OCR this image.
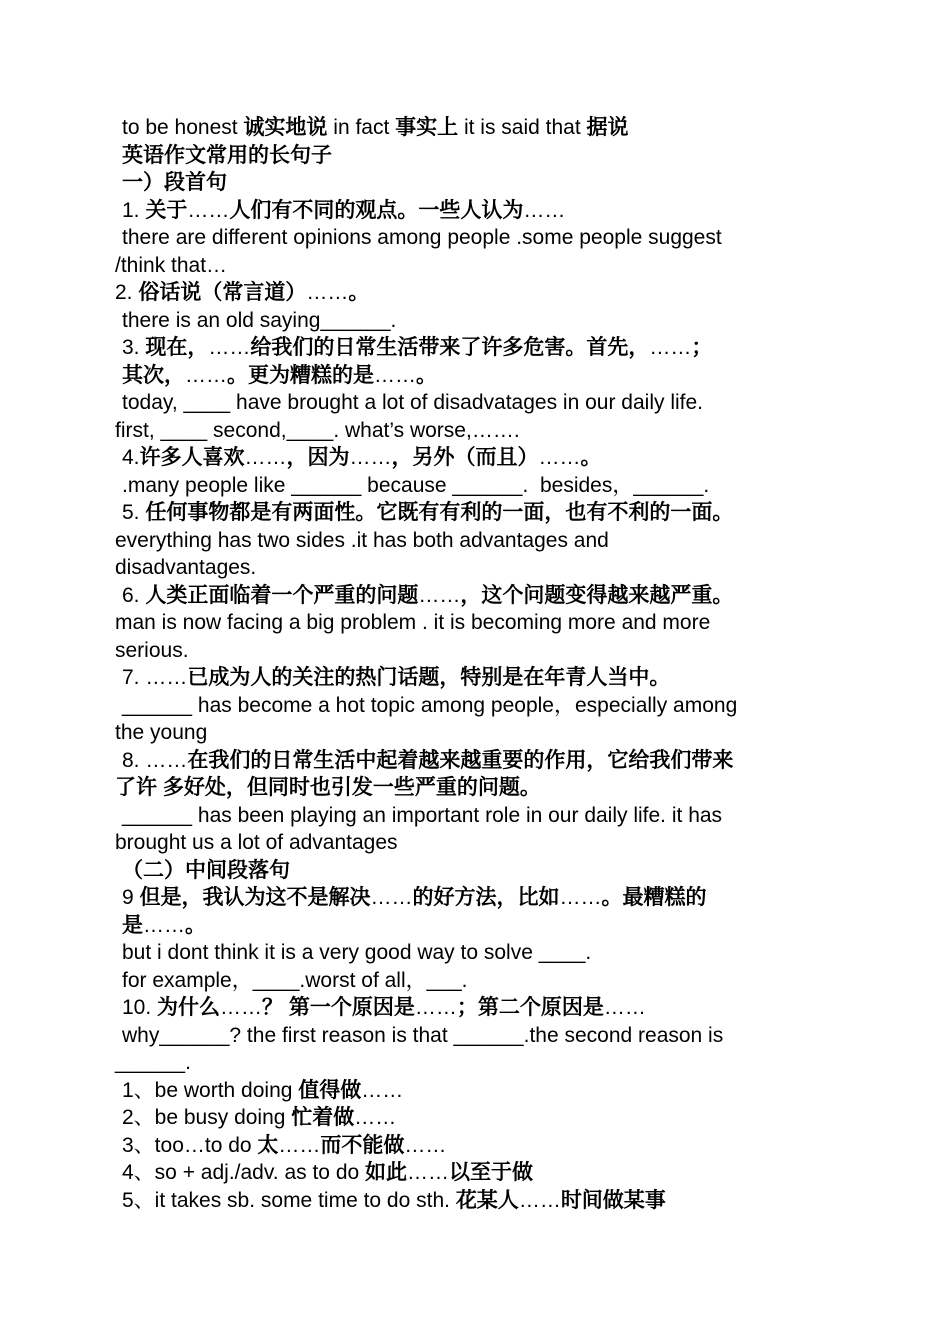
to be honest 诚实地说 in fact 事实上 it is said that 据说
英语作文常用的长句子
一）段首句
1. 关于……人们有不同的观点。一些人认为……
there are different opinions among people .some people suggest
/think that…
2. 俗话说（常言道）……。
there is an old saying______.
3. 现在，……给我们的日常生活带来了许多危害。首先，……；
其次，……。更为糟糕的是……。
today, ____ have brought a lot of disadvatages in our daily life.
first, ____ second,____. what’s worse,…….
4.许多人喜欢……，因为……，另外（而且）……。
.many people like ______ because ______.  besides，______.
5. 任何事物都是有两面性。它既有有利的一面，也有不利的一面。
everything has two sides .it has both advantages and
disadvantages.
6. 人类正面临着一个严重的问题……，这个问题变得越来越严重。
man is now facing a big problem . it is becoming more and more
serious.
7. ……已成为人的关注的热门话题，特别是在年青人当中。
______ has become a hot topic among people，especially among
the young
8. ……在我们的日常生活中起着越来越重要的作用，它给我们带来
了许 多好处，但同时也引发一些严重的问题。
______ has been playing an important role in our daily life. it has
brought us a lot of advantages
（二）中间段落句
9 但是，我认为这不是解决……的好方法，比如……。最糟糕的
是……。
but i dont think it is a very good way to solve ____.
for example，____.worst of all，___.
10. 为什么……？ 第一个原因是……；第二个原因是……
why______? the first reason is that ______.the second reason is
______.
1、be worth doing 值得做……
2、be busy doing 忙着做……
3、too…to do 太……而不能做……
4、so + adj./adv. as to do 如此……以至于做
5、it takes sb. some time to do sth. 花某人……时间做某事
